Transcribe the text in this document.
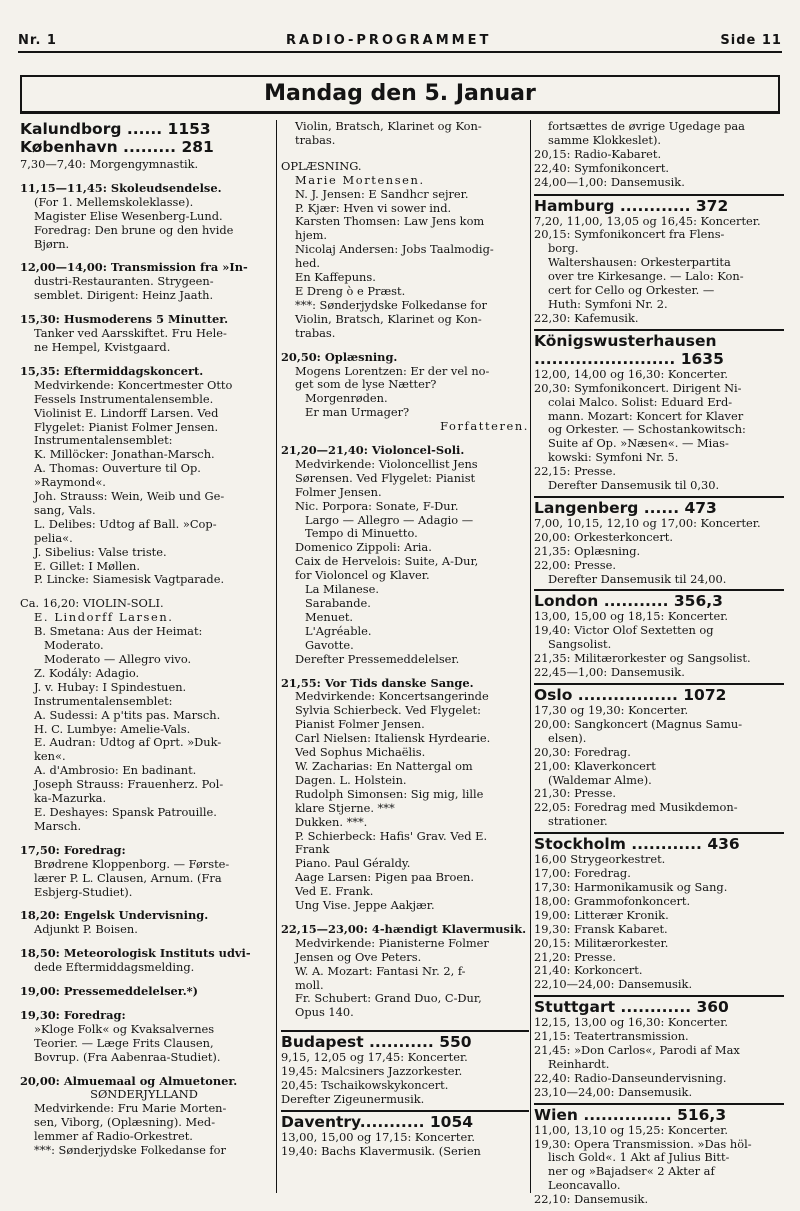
Nr. 1	RADIO-PROGRAMMET	Side 11
Mandag den 5. Januar
Kalundborg ...... 1153
København ......... 281
7,30—7,40: Morgengymnastik.
11,15—11,45: Skoleudsendelse.
(For 1. Mellemskoleklasse).
Magister Elise Wesenberg-Lund.
Foredrag: Den brune og den hvide
Bjørn.
12,00—14,00: Transmission fra »In-
dustri-Restauranten. Strygeen-
semblet. Dirigent: Heinz Jaath.
15,30: Husmoderens 5 Minutter.
Tanker ved Aarsskiftet. Fru Hele-
ne Hempel, Kvistgaard.
15,35: Eftermiddagskoncert.
Medvirkende: Koncertmester Otto
Fessels Instrumentalensemble.
Violinist E. Lindorff Larsen. Ved
Flygelet: Pianist Folmer Jensen.
Instrumentalensemblet:
K. Millöcker: Jonathan-Marsch.
A. Thomas: Ouverture til Op.
»Raymond«.
Joh. Strauss: Wein, Weib und Ge-
sang, Vals.
L. Delibes: Udtog af Ball. »Cop-
pelia«.
J. Sibelius: Valse triste.
E. Gillet: I Møllen.
P. Lincke: Siamesisk Vagtparade.
Ca. 16,20: VIOLIN-SOLI.
E. Lindorff Larsen.
B. Smetana: Aus der Heimat:
Moderato.
Moderato — Allegro vivo.
Z. Kodály: Adagio.
J. v. Hubay: I Spindestuen.
Instrumentalensemblet:
A. Sudessi: A p'tits pas. Marsch.
H. C. Lumbye: Amelie-Vals.
E. Audran: Udtog af Oprt. »Duk-
ken«.
A. d'Ambrosio: En badinant.
Joseph Strauss: Frauenherz. Pol-
ka-Mazurka.
E. Deshayes: Spansk Patrouille.
Marsch.
17,50: Foredrag:
Brødrene Kloppenborg. — Første-
lærer P. L. Clausen, Arnum. (Fra
Esbjerg-Studiet).
18,20: Engelsk Undervisning.
Adjunkt P. Boisen.
18,50: Meteorologisk Instituts udvi-
dede Eftermiddagsmelding.
19,00: Pressemeddelelser.*)
19,30: Foredrag:
»Kloge Folk« og Kvaksalvernes
Teorier. — Læge Frits Clausen,
Bovrup. (Fra Aabenraa-Studiet).
20,00: Almuemaal og Almuetoner.
SØNDERJYLLAND
Medvirkende: Fru Marie Morten-
sen, Viborg, (Oplæsning). Med-
lemmer af Radio-Orkestret.
***: Sønderjydske Folkedanse for
Violin, Bratsch, Klarinet og Kon-
trabas.
OPLÆSNING.
Marie Mortensen.
N. J. Jensen: E Sandhcr sejrer.
P. Kjær: Hven vi sower ind.
Karsten Thomsen: Law Jens kom
hjem.
Nicolaj Andersen: Jobs Taalmodig-
hed.
En Kaffepuns.
E Dreng ò e Præst.
***: Sønderjydske Folkedanse for
Violin, Bratsch, Klarinet og Kon-
trabas.
20,50: Oplæsning.
Mogens Lorentzen: Er der vel no-
get som de lyse Nætter?
Morgenrøden.
Er man Urmager?
Forfatteren.
21,20—21,40: Violoncel-Soli.
Medvirkende: Violoncellist Jens
Sørensen. Ved Flygelet: Pianist
Folmer Jensen.
Nic. Porpora: Sonate, F-Dur.
Largo — Allegro — Adagio —
Tempo di Minuetto.
Domenico Zippoli: Aria.
Caix de Hervelois: Suite, A-Dur,
for Violoncel og Klaver.
La Milanese.
Sarabande.
Menuet.
L'Agréable.
Gavotte.
Derefter Pressemeddelelser.
21,55: Vor Tids danske Sange.
Medvirkende: Koncertsangerinde
Sylvia Schierbeck. Ved Flygelet:
Pianist Folmer Jensen.
Carl Nielsen: Italiensk Hyrdearie.
Ved Sophus Michaëlis.
W. Zacharias: En Nattergal om
Dagen. L. Holstein.
Rudolph Simonsen: Sig mig, lille
klare Stjerne. ***
Dukken. ***.
P. Schierbeck: Hafis' Grav. Ved E.
Frank
Piano. Paul Géraldy.
Aage Larsen: Pigen paa Broen.
Ved E. Frank.
Ung Vise. Jeppe Aakjær.
22,15—23,00: 4-hændigt Klavermusik.
Medvirkende: Pianisterne Folmer
Jensen og Ove Peters.
W. A. Mozart: Fantasi Nr. 2, f-
moll.
Fr. Schubert: Grand Duo, C-Dur,
Opus 140.
Budapest ........... 550
9,15, 12,05 og 17,45: Koncerter.
19,45: Malcsiners Jazzorkester.
20,45: Tschaikowskykoncert.
Derefter Zigeunermusik.
Daventry........... 1054
13,00, 15,00 og 17,15: Koncerter.
19,40: Bachs Klavermusik. (Serien
fortsættes de øvrige Ugedage paa
samme Klokkeslet).
20,15: Radio-Kabaret.
22,40: Symfonikoncert.
24,00—1,00: Dansemusik.
Hamburg ............ 372
7,20, 11,00, 13,05 og 16,45: Koncerter.
20,15: Symfonikoncert fra Flens-
borg.
Waltershausen: Orkesterpartita
over tre Kirkesange. — Lalo: Kon-
cert for Cello og Orkester. —
Huth: Symfoni Nr. 2.
22,30: Kafemusik.
Königswusterhausen
........................ 1635
12,00, 14,00 og 16,30: Koncerter.
20,30: Symfonikoncert. Dirigent Ni-
colai Malco. Solist: Eduard Erd-
mann. Mozart: Koncert for Klaver
og Orkester. — Schostankowitsch:
Suite af Op. »Næsen«. — Mias-
kowski: Symfoni Nr. 5.
22,15: Presse.
Derefter Dansemusik til 0,30.
Langenberg ...... 473
7,00, 10,15, 12,10 og 17,00: Koncerter.
20,00: Orkesterkoncert.
21,35: Oplæsning.
22,00: Presse.
Derefter Dansemusik til 24,00.
London ........... 356,3
13,00, 15,00 og 18,15: Koncerter.
19,40: Victor Olof Sextetten og
Sangsolist.
21,35: Militærorkester og Sangsolist.
22,45—1,00: Dansemusik.
Oslo ................. 1072
17,30 og 19,30: Koncerter.
20,00: Sangkoncert (Magnus Samu-
elsen).
20,30: Foredrag.
21,00: Klaverkoncert
(Waldemar Alme).
21,30: Presse.
22,05: Foredrag med Musikdemon-
strationer.
Stockholm ............ 436
16,00 Strygeorkestret.
17,00: Foredrag.
17,30: Harmonikamusik og Sang.
18,00: Grammofonkoncert.
19,00: Litterær Kronik.
19,30: Fransk Kabaret.
20,15: Militærorkester.
21,20: Presse.
21,40: Korkoncert.
22,10—24,00: Dansemusik.
Stuttgart ............ 360
12,15, 13,00 og 16,30: Koncerter.
21,15: Teatertransmission.
21,45: »Don Carlos«, Parodi af Max
Reinhardt.
22,40: Radio-Danseundervisning.
23,10—24,00: Dansemusik.
Wien ............... 516,3
11,00, 13,10 og 15,25: Koncerter.
19,30: Opera Transmission. »Das höl-
lisch Gold«. 1 Akt af Julius Bitt-
ner og »Bajadser« 2 Akter af
Leoncavallo.
22,10: Dansemusik.
